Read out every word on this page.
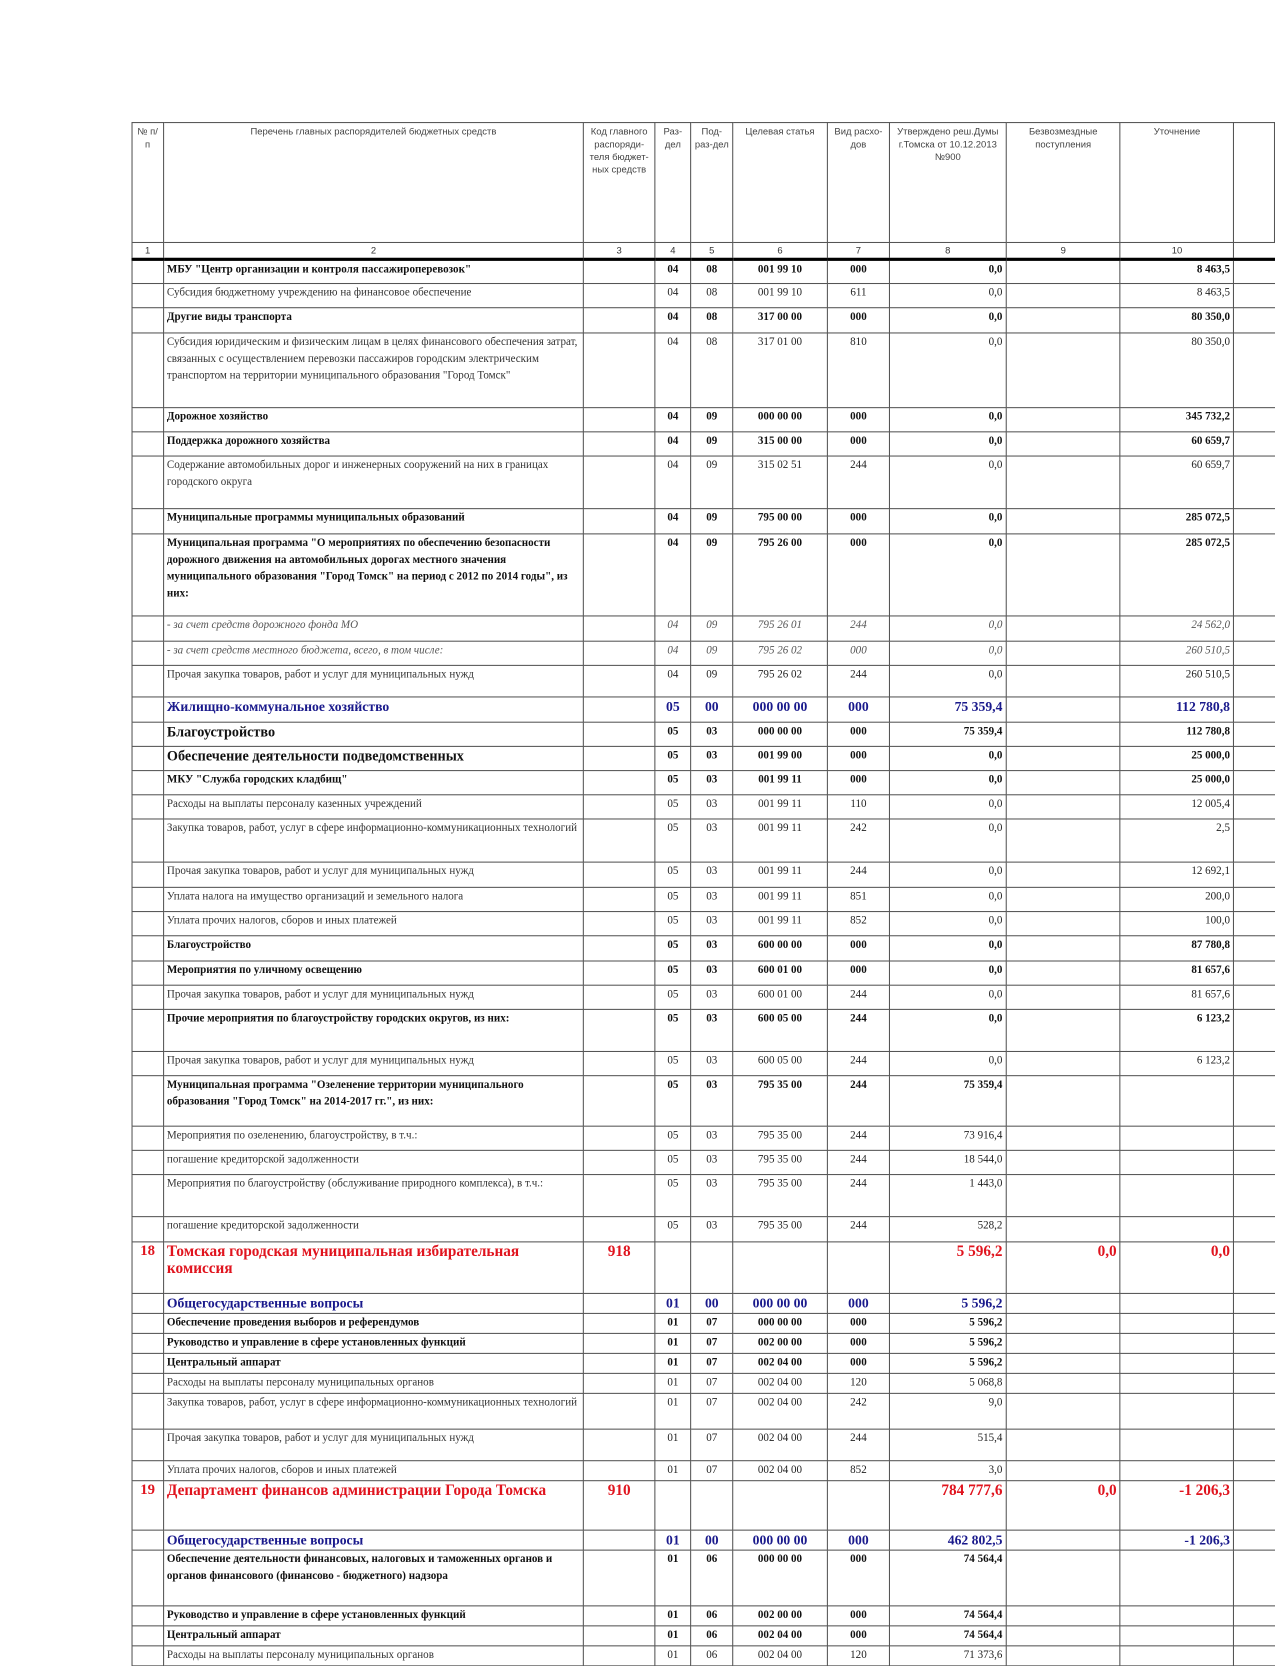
№ п/п	Перечень главных распорядителей бюджетных средств	Код главного распоряди-теля бюджет-ных средств	Раз-дел	Под-раз-дел	Целевая статья	Вид расхо-дов	Утверждено реш.Думы г.Томска от 10.12.2013 №900	Безвозмездные поступления	Уточнение	
1	2	3	4	5	6	7	8	9	10	
	МБУ "Центр организации и контроля пассажироперевозок"		04	08	001 99 10	000	0,0		8 463,5	
	Субсидия бюджетному учреждению на финансовое обеспечение		04	08	001 99 10	611	0,0		8 463,5	
	Другие виды транспорта		04	08	317 00 00	000	0,0		80 350,0	
	Субсидия юридическим и физическим лицам в целях финансового обеспечения затрат, связанных с осуществлением перевозки пассажиров городским электрическим транспортом на территории муниципального образования "Город Томск"		04	08	317 01 00	810	0,0		80 350,0	
	Дорожное хозяйство		04	09	000 00 00	000	0,0		345 732,2	
	Поддержка дорожного хозяйства		04	09	315 00 00	000	0,0		60 659,7	
	Содержание автомобильных дорог и инженерных сооружений на них в границах городского округа		04	09	315 02 51	244	0,0		60 659,7	
	Муниципальные программы муниципальных образований		04	09	795 00 00	000	0,0		285 072,5	
	Муниципальная программа "О мероприятиях по обеспечению безопасности дорожного движения на автомобильных дорогах местного значения муниципального образования "Город Томск" на период с 2012 по 2014 годы", из них:		04	09	795 26 00	000	0,0		285 072,5	
	- за счет средств дорожного фонда МО		04	09	795 26 01	244	0,0		24 562,0	
	- за счет средств местного бюджета, всего, в том числе:		04	09	795 26 02	000	0,0		260 510,5	
	Прочая закупка товаров, работ и услуг для муниципальных нужд		04	09	795 26 02	244	0,0		260 510,5	
	Жилищно-коммунальное хозяйство		05	00	000 00 00	000	75 359,4		112 780,8	
	Благоустройство		05	03	000 00 00	000	75 359,4		112 780,8	
	Обеспечение деятельности подведомственных		05	03	001 99 00	000	0,0		25 000,0	
	МКУ "Служба городских кладбищ"		05	03	001 99 11	000	0,0		25 000,0	
	Расходы на выплаты персоналу казенных учреждений		05	03	001 99 11	110	0,0		12 005,4	
	Закупка товаров, работ, услуг в сфере информационно-коммуникационных технологий		05	03	001 99 11	242	0,0		2,5	
	Прочая закупка товаров, работ и услуг для муниципальных нужд		05	03	001 99 11	244	0,0		12 692,1	
	Уплата налога на имущество организаций и земельного налога		05	03	001 99 11	851	0,0		200,0	
	Уплата прочих налогов, сборов и иных платежей		05	03	001 99 11	852	0,0		100,0	
	Благоустройство		05	03	600 00 00	000	0,0		87 780,8	
	Мероприятия по уличному освещению		05	03	600 01 00	000	0,0		81 657,6	
	Прочая закупка товаров, работ и услуг для муниципальных нужд		05	03	600 01 00	244	0,0		81 657,6	
	Прочие мероприятия по благоустройству городских округов, из них:		05	03	600 05 00	244	0,0		6 123,2	
	Прочая закупка товаров, работ и услуг для муниципальных нужд		05	03	600 05 00	244	0,0		6 123,2	
	Муниципальная программа "Озеленение территории муниципального образования "Город Томск" на 2014-2017 гг.", из них:		05	03	795 35 00	244	75 359,4			
	Мероприятия по озеленению, благоустройству, в т.ч.:		05	03	795 35 00	244	73 916,4			
	погашение кредиторской задолженности		05	03	795 35 00	244	18 544,0			
	Мероприятия по благоустройству (обслуживание природного комплекса), в т.ч.:		05	03	795 35 00	244	1 443,0			
	погашение кредиторской задолженности		05	03	795 35 00	244	528,2			
18	Томская городская муниципальная избирательная комиссия	918					5 596,2	0,0	0,0	
	Общегосударственные вопросы		01	00	000 00 00	000	5 596,2			
	Обеспечение проведения выборов и референдумов		01	07	000 00 00	000	5 596,2			
	Руководство и управление в сфере установленных функций		01	07	002 00 00	000	5 596,2			
	Центральный аппарат		01	07	002 04 00	000	5 596,2			
	Расходы на выплаты персоналу муниципальных органов		01	07	002 04 00	120	5 068,8			
	Закупка товаров, работ, услуг в сфере информационно-коммуникационных технологий		01	07	002 04 00	242	9,0			
	Прочая закупка товаров, работ и услуг для муниципальных нужд		01	07	002 04 00	244	515,4			
	Уплата прочих налогов, сборов и иных платежей		01	07	002 04 00	852	3,0			
19	Департамент финансов администрации Города Томска	910					784 777,6	0,0	-1 206,3	
	Общегосударственные вопросы		01	00	000 00 00	000	462 802,5		-1 206,3	
	Обеспечение деятельности финансовых, налоговых и таможенных органов и органов финансового (финансово - бюджетного) надзора		01	06	000 00 00	000	74 564,4			
	Руководство и управление в сфере установленных функций		01	06	002 00 00	000	74 564,4			
	Центральный аппарат		01	06	002 04 00	000	74 564,4			
	Расходы на выплаты персоналу муниципальных органов		01	06	002 04 00	120	71 373,6			
